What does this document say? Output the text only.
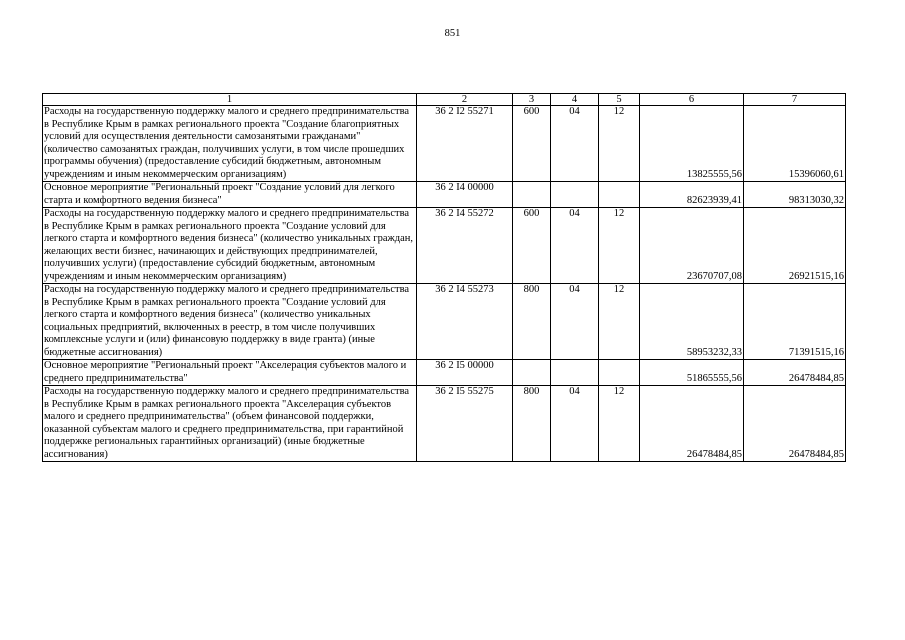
851
1	2	3	4	5	6	7
Расходы на государственную поддержку малого и среднего предпринимательства в Республике Крым в рамках регионального проекта "Создание благоприятных условий для осуществления деятельности самозанятыми гражданами" (количество самозанятых граждан, получивших услуги, в том числе прошедших программы обучения) (предоставление субсидий бюджетным, автономным учреждениям и иным некоммерческим организациям)	36 2 I2 55271	600	04	12	13825555,56	15396060,61
Основное мероприятие "Региональный проект "Создание условий для легкого старта и комфортного ведения бизнеса"	36 2 I4 00000				82623939,41	98313030,32
Расходы на государственную поддержку малого и среднего предпринимательства в Республике Крым в рамках регионального проекта "Создание условий для легкого старта и комфортного ведения бизнеса" (количество уникальных граждан, желающих вести бизнес, начинающих и действующих предпринимателей, получивших услуги) (предоставление субсидий бюджетным, автономным учреждениям и иным некоммерческим организациям)	36 2 I4 55272	600	04	12	23670707,08	26921515,16
Расходы на государственную поддержку малого и среднего предпринимательства в Республике Крым в рамках регионального проекта "Создание условий для легкого старта и комфортного ведения бизнеса" (количество уникальных социальных предприятий, включенных в реестр, в том числе получивших комплексные услуги и (или) финансовую поддержку в виде гранта) (иные бюджетные ассигнования)	36 2 I4 55273	800	04	12	58953232,33	71391515,16
Основное мероприятие "Региональный проект "Акселерация субъектов малого и среднего предпринимательства"	36 2 I5 00000				51865555,56	26478484,85
Расходы на государственную поддержку малого и среднего предпринимательства в Республике Крым в рамках регионального проекта "Акселерация субъектов малого и среднего предпринимательства" (объем финансовой поддержки, оказанной субъектам малого и среднего предпринимательства, при гарантийной поддержке региональных гарантийных организаций) (иные бюджетные ассигнования)	36 2 I5 55275	800	04	12	26478484,85	26478484,85
